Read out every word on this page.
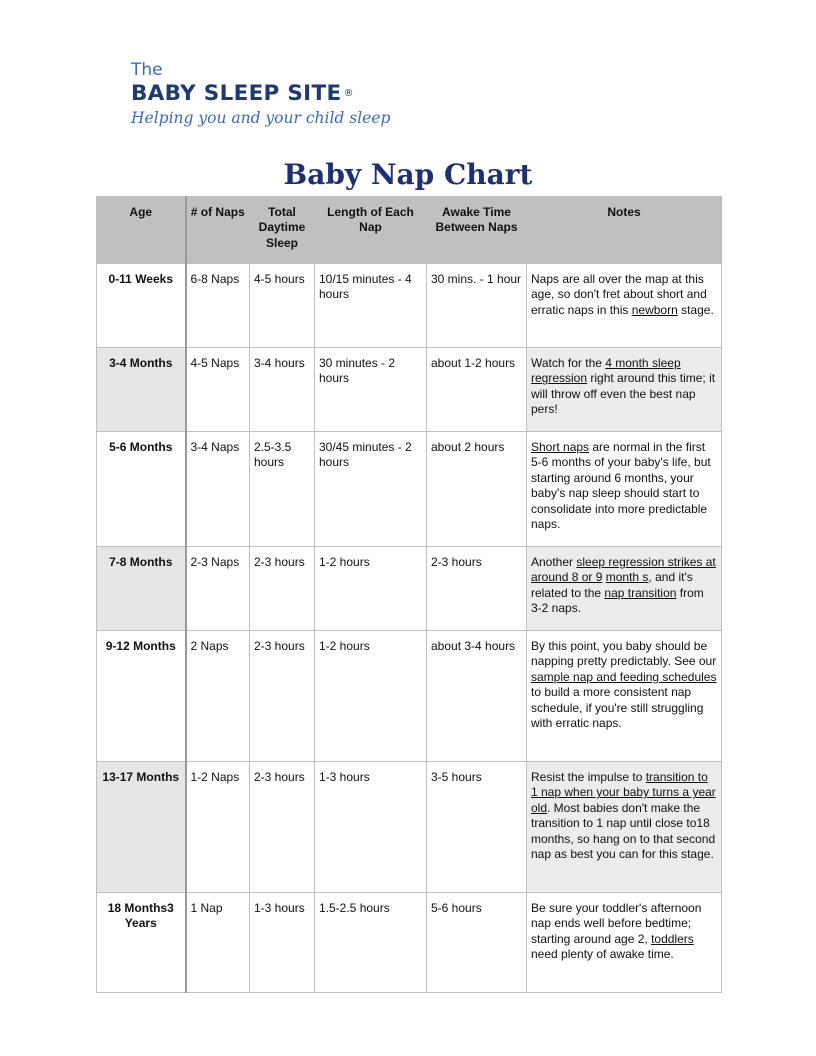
The
BABY SLEEP SITE ®
Helping you and your child sleep
Baby Nap Chart
Age	# of Naps	Total Daytime Sleep	Length of Each Nap	Awake Time Between Naps	Notes
0-11 Weeks	6-8 Naps	4-5 hours	10/15 minutes - 4 hours	30 mins. - 1 hour	Naps are all over the map at this age, so don't fret about short and erratic naps in this newborn stage.
3-4 Months	4-5 Naps	3-4 hours	30 minutes - 2 hours	about 1-2 hours	Watch for the 4 month sleep regression right around this time; it will throw off even the best nap pers!
5-6 Months	3-4 Naps	2.5-3.5 hours	30/45 minutes - 2 hours	about 2 hours	Short naps are normal in the first 5-6 months of your baby's life, but starting around 6 months, your baby's nap sleep should start to consolidate into more predictable naps.
7-8 Months	2-3 Naps	2-3 hours	1-2 hours	2-3 hours	Another sleep regression strikes at around 8 or 9 month s, and it's related to the nap transition from 3-2 naps.
9-12 Months	2 Naps	2-3 hours	1-2 hours	about 3-4 hours	By this point, you baby should be napping pretty predictably. See our sample nap and feeding schedules to build a more consistent nap schedule, if you're still struggling with erratic naps.
13-17 Months	1-2 Naps	2-3 hours	1-3 hours	3-5 hours	Resist the impulse to transition to 1 nap when your baby turns a year old. Most babies don't make the transition to 1 nap until close to18 months, so hang on to that second nap as best you can for this stage.
18 Months3 Years	1 Nap	1-3 hours	1.5-2.5 hours	5-6 hours	Be sure your toddler's afternoon nap ends well before bedtime; starting around age 2, toddlers need plenty of awake time.
